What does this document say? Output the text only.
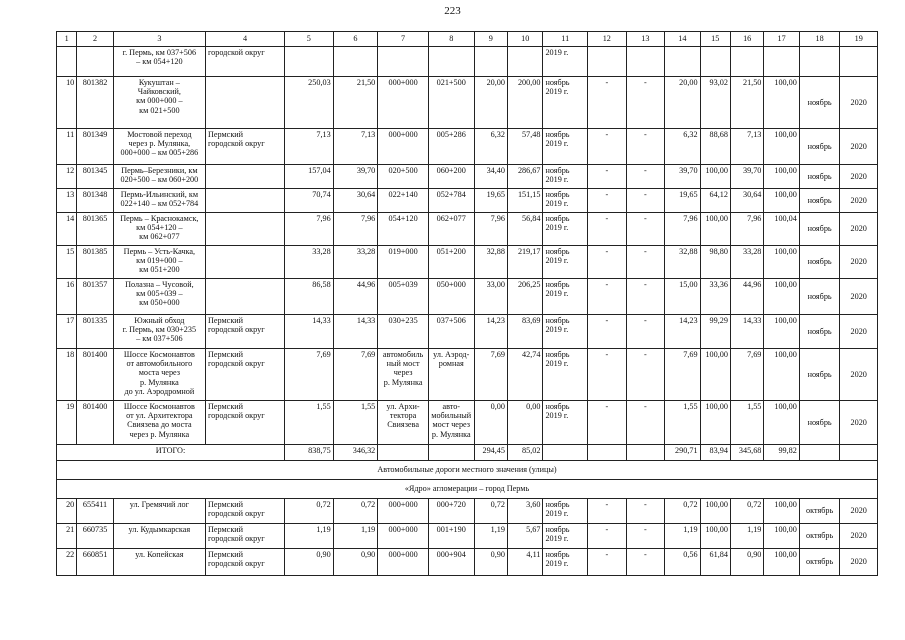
223
1	2	3	4	5	6	7	8	9	10	11	12	13	14	15	16	17	18	19
		г. Пермь, км 037+506
– км 054+120	городской округ							2019 г.								
10	801382	Кукуштан –
Чайковский,
км 000+000 –
км 021+500		250,03	21,50	000+000	021+500	20,00	200,00	ноябрь
2019 г.	-	-	20,00	93,02	21,50	100,00	ноябрь	2020
11	801349	Мостовой переход
через р. Мулянка,
000+000 – км 005+286	Пермский
городской округ	7,13	7,13	000+000	005+286	6,32	57,48	ноябрь
2019 г.	-	-	6,32	88,68	7,13	100,00	ноябрь	2020
12	801345	Пермь–Березники, км
020+500 – км 060+200		157,04	39,70	020+500	060+200	34,40	286,67	ноябрь
2019 г.	-	-	39,70	100,00	39,70	100,00	ноябрь	2020
13	801348	Пермь-Ильинский, км
022+140 – км 052+784		70,74	30,64	022+140	052+784	19,65	151,15	ноябрь
2019 г.	-	-	19,65	64,12	30,64	100,00	ноябрь	2020
14	801365	Пермь – Краснокамск,
км 054+120 –
км 062+077		7,96	7,96	054+120	062+077	7,96	56,84	ноябрь
2019 г.	-	-	7,96	100,00	7,96	100,04	ноябрь	2020
15	801385	Пермь – Усть-Качка,
км 019+000 –
км 051+200		33,28	33,28	019+000	051+200	32,88	219,17	ноябрь
2019 г.	-	-	32,88	98,80	33,28	100,00	ноябрь	2020
16	801357	Полазна – Чусовой,
км 005+039 –
км 050+000		86,58	44,96	005+039	050+000	33,00	206,25	ноябрь
2019 г.	-	-	15,00	33,36	44,96	100,00	ноябрь	2020
17	801335	Южный обход
г. Пермь, км 030+235
– км 037+506	Пермский
городской округ	14,33	14,33	030+235	037+506	14,23	83,69	ноябрь
2019 г.	-	-	14,23	99,29	14,33	100,00	ноябрь	2020
18	801400	Шоссе Космонавтов
от автомобильного
моста через
р. Мулянка
до ул. Аэродромной	Пермский
городской округ	7,69	7,69	автомобиль
ный мост
через
р. Мулянка	ул. Аэрод-
ромная	7,69	42,74	ноябрь
2019 г.	-	-	7,69	100,00	7,69	100,00	ноябрь	2020
19	801400	Шоссе Космонавтов
от ул. Архитектора
Свиязева до моста
через р. Мулянка	Пермский
городской округ	1,55	1,55	ул. Архи-
тектора
Свиязева	авто-
мобильный
мост через
р. Мулянка	0,00	0,00	ноябрь
2019 г.	-	-	1,55	100,00	1,55	100,00	ноябрь	2020
ИТОГО:				838,75	346,32			294,45	85,02				290,71	83,94	345,68	99,82		
Автомобильные дороги местного значения (улицы)																		
«Ядро» агломерации – город Пермь																		
20	655411	ул. Гремячий лог	Пермский
городской округ	0,72	0,72	000+000	000+720	0,72	3,60	ноябрь
2019 г.	-	-	0,72	100,00	0,72	100,00	октябрь	2020
21	660735	ул. Кудымкарская	Пермский
городской округ	1,19	1,19	000+000	001+190	1,19	5,67	ноябрь
2019 г.	-	-	1,19	100,00	1,19	100,00	октябрь	2020
22	660851	ул. Копейская	Пермский
городской округ	0,90	0,90	000+000	000+904	0,90	4,11	ноябрь
2019 г.	-	-	0,56	61,84	0,90	100,00	октябрь	2020
